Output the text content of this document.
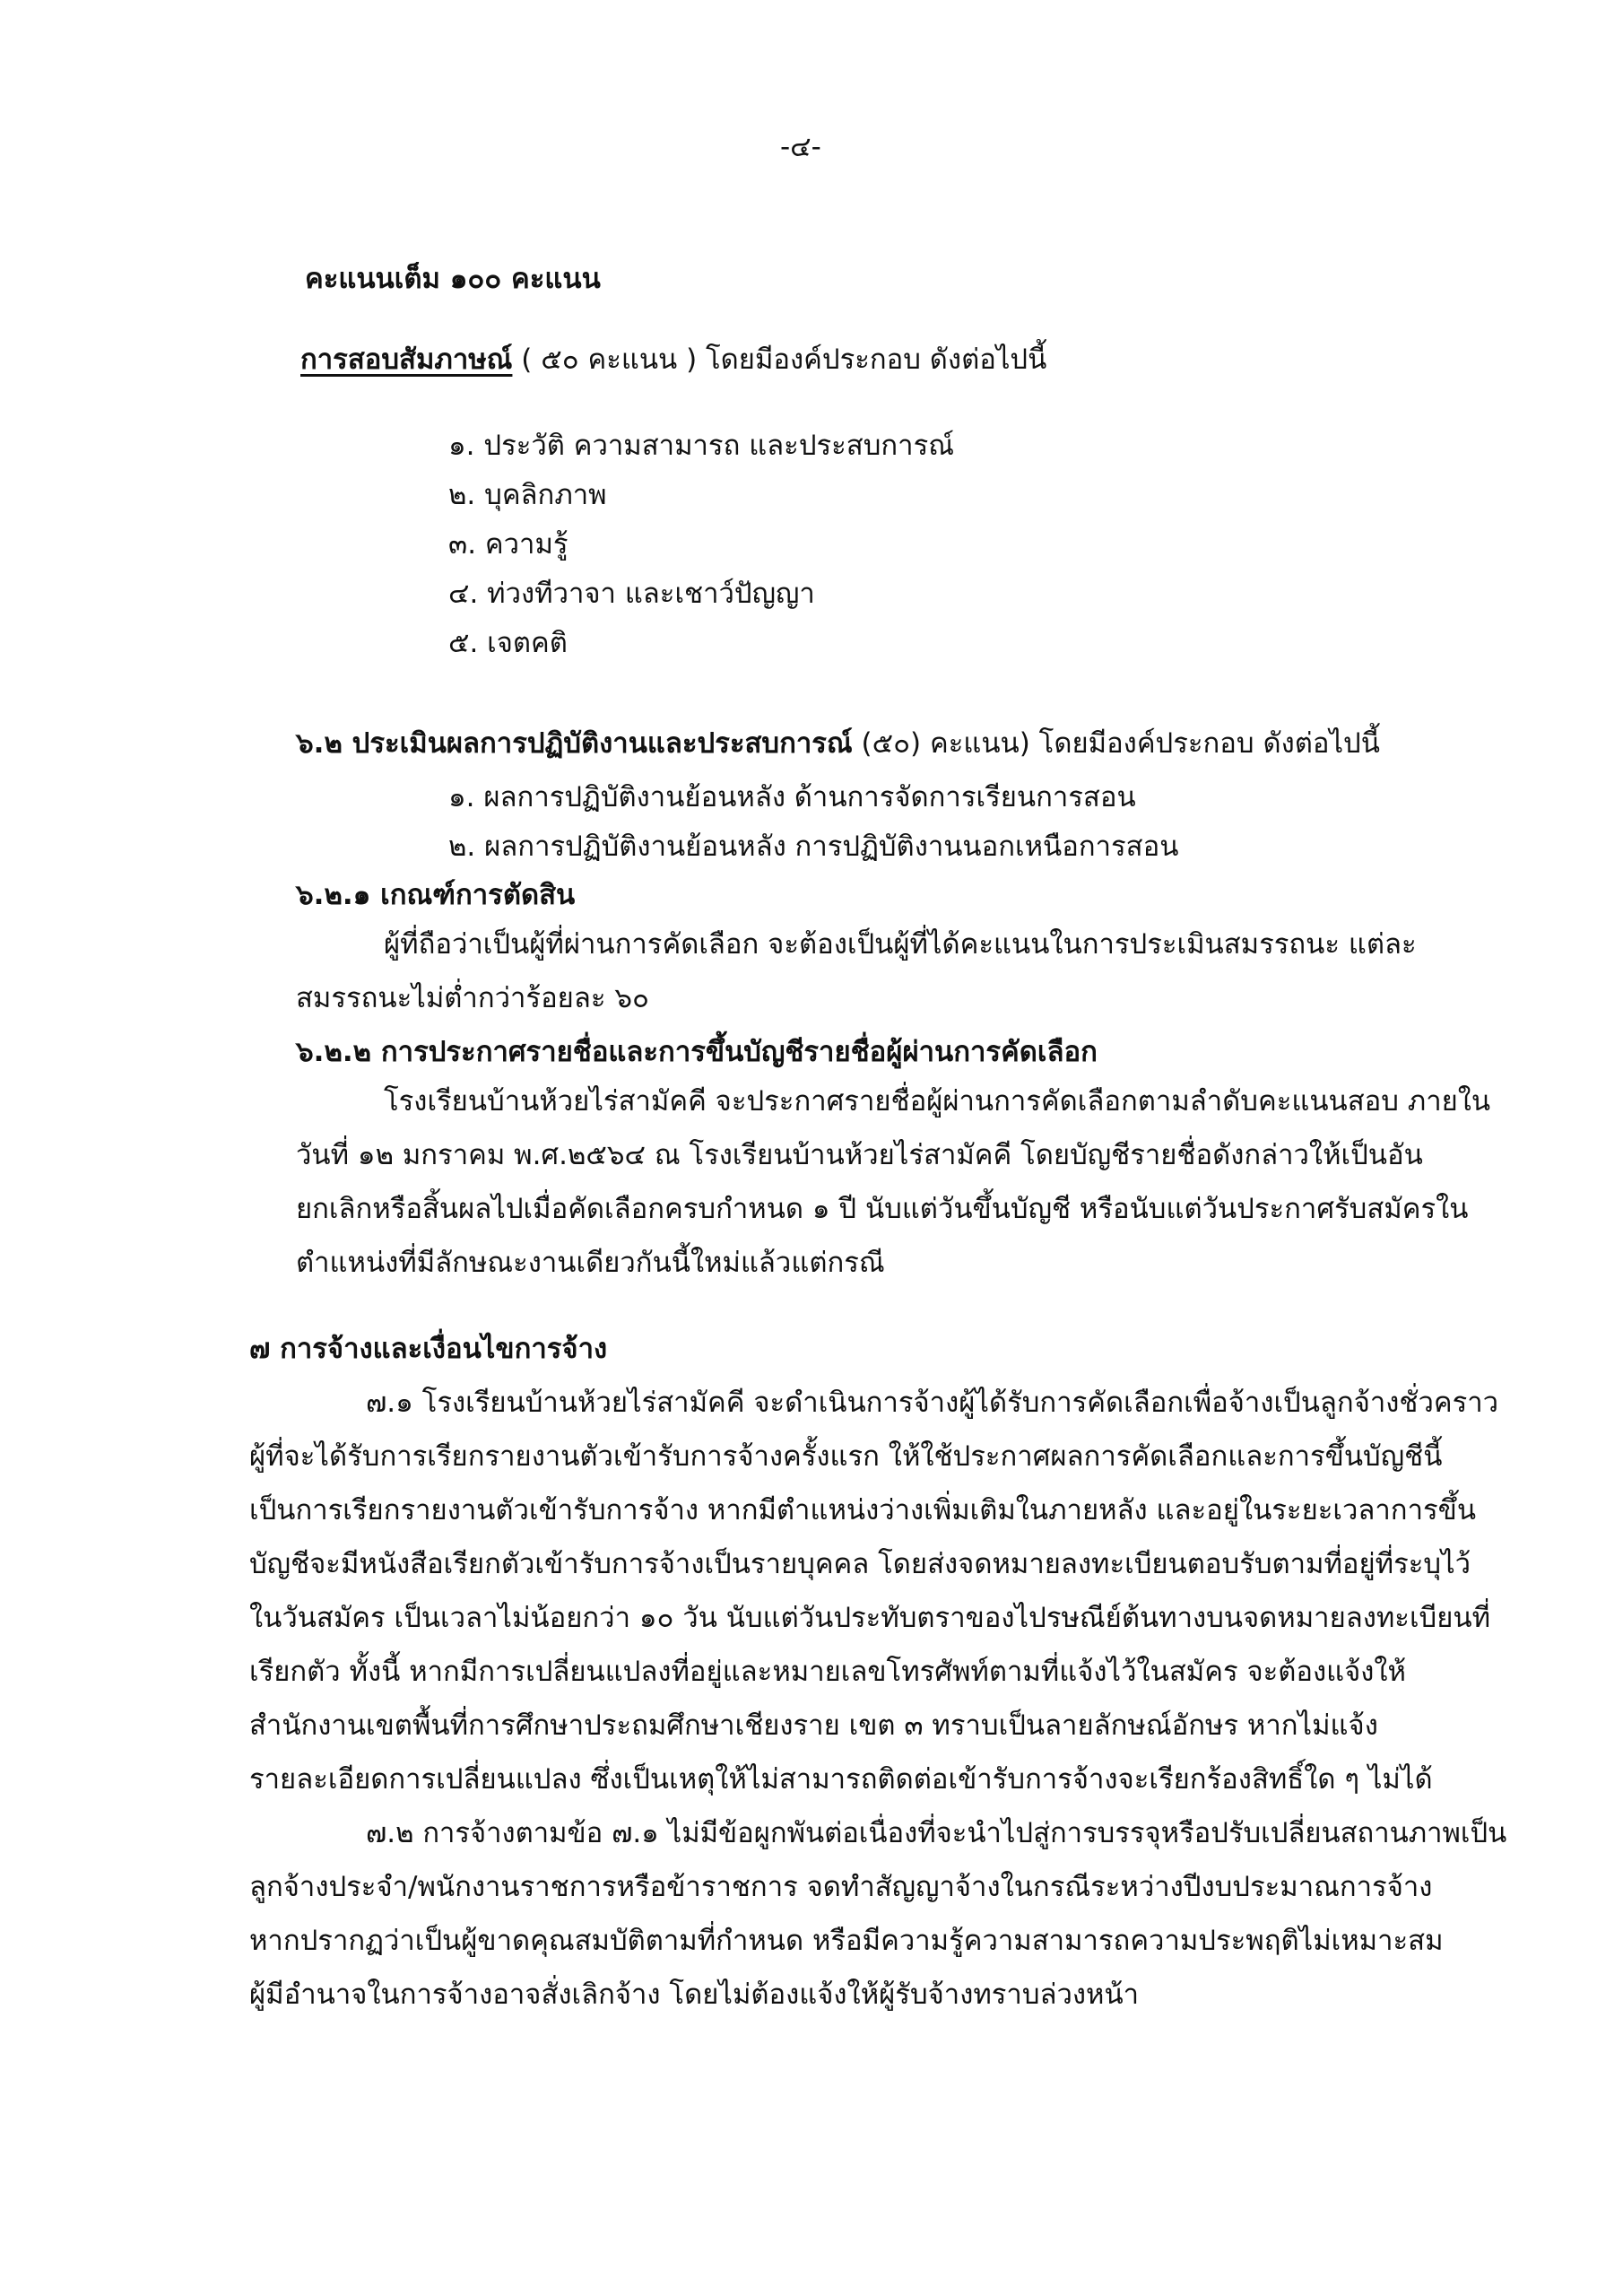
-๔-
คะแนนเต็ม ๑๐๐ คะแนน
การสอบสัมภาษณ์ ( ๕๐ คะแนน ) โดยมีองค์ประกอบ ดังต่อไปนี้
๑. ประวัติ ความสามารถ และประสบการณ์
๒. บุคลิกภาพ
๓. ความรู้
๔. ท่วงทีวาจา และเชาว์ปัญญา
๕. เจตคติ
๖.๒ ประเมินผลการปฏิบัติงานและประสบการณ์ (๕๐) คะแนน) โดยมีองค์ประกอบ ดังต่อไปนี้
๑. ผลการปฏิบัติงานย้อนหลัง ด้านการจัดการเรียนการสอน
๒. ผลการปฏิบัติงานย้อนหลัง การปฏิบัติงานนอกเหนือการสอน
๖.๒.๑ เกณฑ์การตัดสิน
ผู้ที่ถือว่าเป็นผู้ที่ผ่านการคัดเลือก จะต้องเป็นผู้ที่ได้คะแนนในการประเมินสมรรถนะ แต่ละ
สมรรถนะไม่ต่ำกว่าร้อยละ ๖๐
๖.๒.๒ การประกาศรายชื่อและการขึ้นบัญชีรายชื่อผู้ผ่านการคัดเลือก
โรงเรียนบ้านห้วยไร่สามัคคี จะประกาศรายชื่อผู้ผ่านการคัดเลือกตามลำดับคะแนนสอบ ภายใน
วันที่ ๑๒ มกราคม พ.ศ.๒๕๖๔ ณ โรงเรียนบ้านห้วยไร่สามัคคี โดยบัญชีรายชื่อดังกล่าวให้เป็นอัน
ยกเลิกหรือสิ้นผลไปเมื่อคัดเลือกครบกำหนด ๑ ปี นับแต่วันขึ้นบัญชี หรือนับแต่วันประกาศรับสมัครใน
ตำแหน่งที่มีลักษณะงานเดียวกันนี้ใหม่แล้วแต่กรณี
๗ การจ้างและเงื่อนไขการจ้าง
๗.๑ โรงเรียนบ้านห้วยไร่สามัคคี จะดำเนินการจ้างผู้ได้รับการคัดเลือกเพื่อจ้างเป็นลูกจ้างชั่วคราว
ผู้ที่จะได้รับการเรียกรายงานตัวเข้ารับการจ้างครั้งแรก ให้ใช้ประกาศผลการคัดเลือกและการขึ้นบัญชีนี้
เป็นการเรียกรายงานตัวเข้ารับการจ้าง หากมีตำแหน่งว่างเพิ่มเติมในภายหลัง และอยู่ในระยะเวลาการขึ้น
บัญชีจะมีหนังสือเรียกตัวเข้ารับการจ้างเป็นรายบุคคล โดยส่งจดหมายลงทะเบียนตอบรับตามที่อยู่ที่ระบุไว้
ในวันสมัคร เป็นเวลาไม่น้อยกว่า ๑๐ วัน นับแต่วันประทับตราของไปรษณีย์ต้นทางบนจดหมายลงทะเบียนที่
เรียกตัว ทั้งนี้ หากมีการเปลี่ยนแปลงที่อยู่และหมายเลขโทรศัพท์ตามที่แจ้งไว้ในสมัคร จะต้องแจ้งให้
สำนักงานเขตพื้นที่การศึกษาประถมศึกษาเชียงราย เขต ๓ ทราบเป็นลายลักษณ์อักษร หากไม่แจ้ง
รายละเอียดการเปลี่ยนแปลง ซึ่งเป็นเหตุให้ไม่สามารถติดต่อเข้ารับการจ้างจะเรียกร้องสิทธิ์ใด ๆ ไม่ได้
๗.๒ การจ้างตามข้อ ๗.๑ ไม่มีข้อผูกพันต่อเนื่องที่จะนำไปสู่การบรรจุหรือปรับเปลี่ยนสถานภาพเป็น
ลูกจ้างประจำ/พนักงานราชการหรือข้าราชการ จดทำสัญญาจ้างในกรณีระหว่างปีงบประมาณการจ้าง
หากปรากฏว่าเป็นผู้ขาดคุณสมบัติตามที่กำหนด หรือมีความรู้ความสามารถความประพฤติไม่เหมาะสม
ผู้มีอำนาจในการจ้างอาจสั่งเลิกจ้าง โดยไม่ต้องแจ้งให้ผู้รับจ้างทราบล่วงหน้า
